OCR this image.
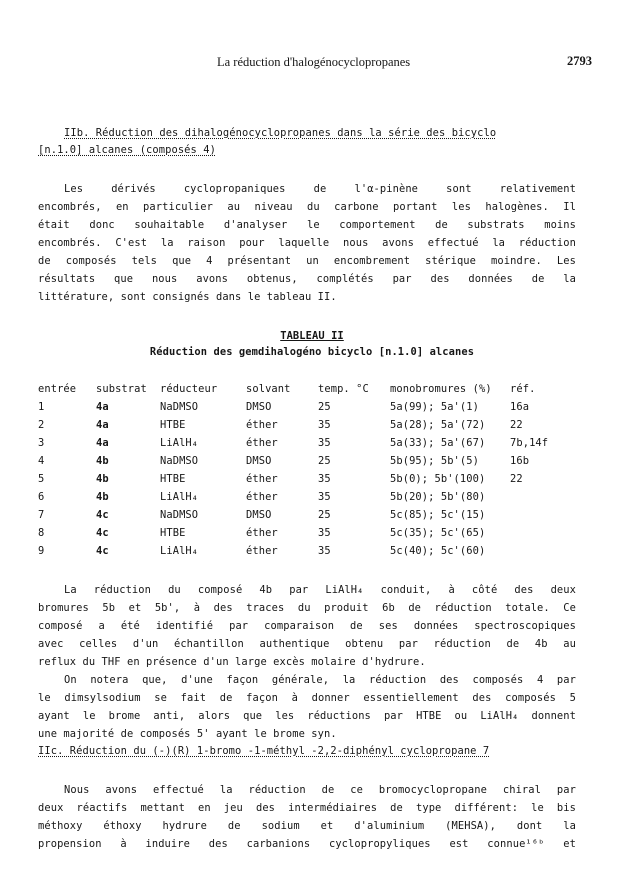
La réduction d'halogénocyclopropanes	2793
IIb. Réduction des dihalogénocyclopropanes dans la série des bicyclo
[n.1.0] alcanes (composés 4)
Les dérivés cyclopropaniques de l'α-pinène sont relativement
encombrés, en particulier au niveau du carbone portant les halogènes. Il
était donc souhaitable d'analyser le comportement de substrats moins
encombrés. C'est la raison pour laquelle nous avons effectué la réduction
de composés tels que 4 présentant un encombrement stérique moindre. Les
résultats que nous avons obtenus, complétés par des données de la
littérature, sont consignés dans le tableau II.
TABLEAU II
Réduction des gemdihalogéno bicyclo [n.1.0] alcanes
entrée substrat réducteur	solvant	temp. °C monobromures (%) réf.
1	4a	NaDMSO	DMSO	25	5a(99); 5a'(1)	16a
2	4a	HTBE	éther	35	5a(28); 5a'(72) 22
3	4a	LiAlH₄	éther	35	5a(33); 5a'(67) 7b,14f
4	4b	NaDMSO	DMSO	25	5b(95); 5b'(5)	16b
5	4b	HTBE	éther	35	5b(0); 5b'(100) 22
6	4b	LiAlH₄	éther	35	5b(20); 5b'(80)
7	4c	NaDMSO	DMSO	25	5c(85); 5c'(15)
8	4c	HTBE	éther	35	5c(35); 5c'(65)
9	4c	LiAlH₄	éther	35	5c(40); 5c'(60)
La réduction du composé 4b par LiAlH₄ conduit, à côté des deux
bromures 5b et 5b', à des traces du produit 6b de réduction totale. Ce
composé a été identifié par comparaison de ses données spectroscopiques
avec celles d'un échantillon authentique obtenu par réduction de 4b au
reflux du THF en présence d'un large excès molaire d'hydrure.
On notera que, d'une façon générale, la réduction des composés 4 par
le dimsylsodium se fait de façon à donner essentiellement des composés 5
ayant le brome anti, alors que les réductions par HTBE ou LiAlH₄ donnent
une majorité de composés 5' ayant le brome syn.
IIc. Réduction du (-)(R) 1-bromo -1-méthyl -2,2-diphényl cyclopropane 7
Nous avons effectué la réduction de ce bromocyclopropane chiral par
deux réactifs mettant en jeu des intermédiaires de type différent: le bis
méthoxy éthoxy hydrure de sodium et d'aluminium (MEHSA), dont la
propension à induire des carbanions cyclopropyliques est connue¹⁶ᵇ et
